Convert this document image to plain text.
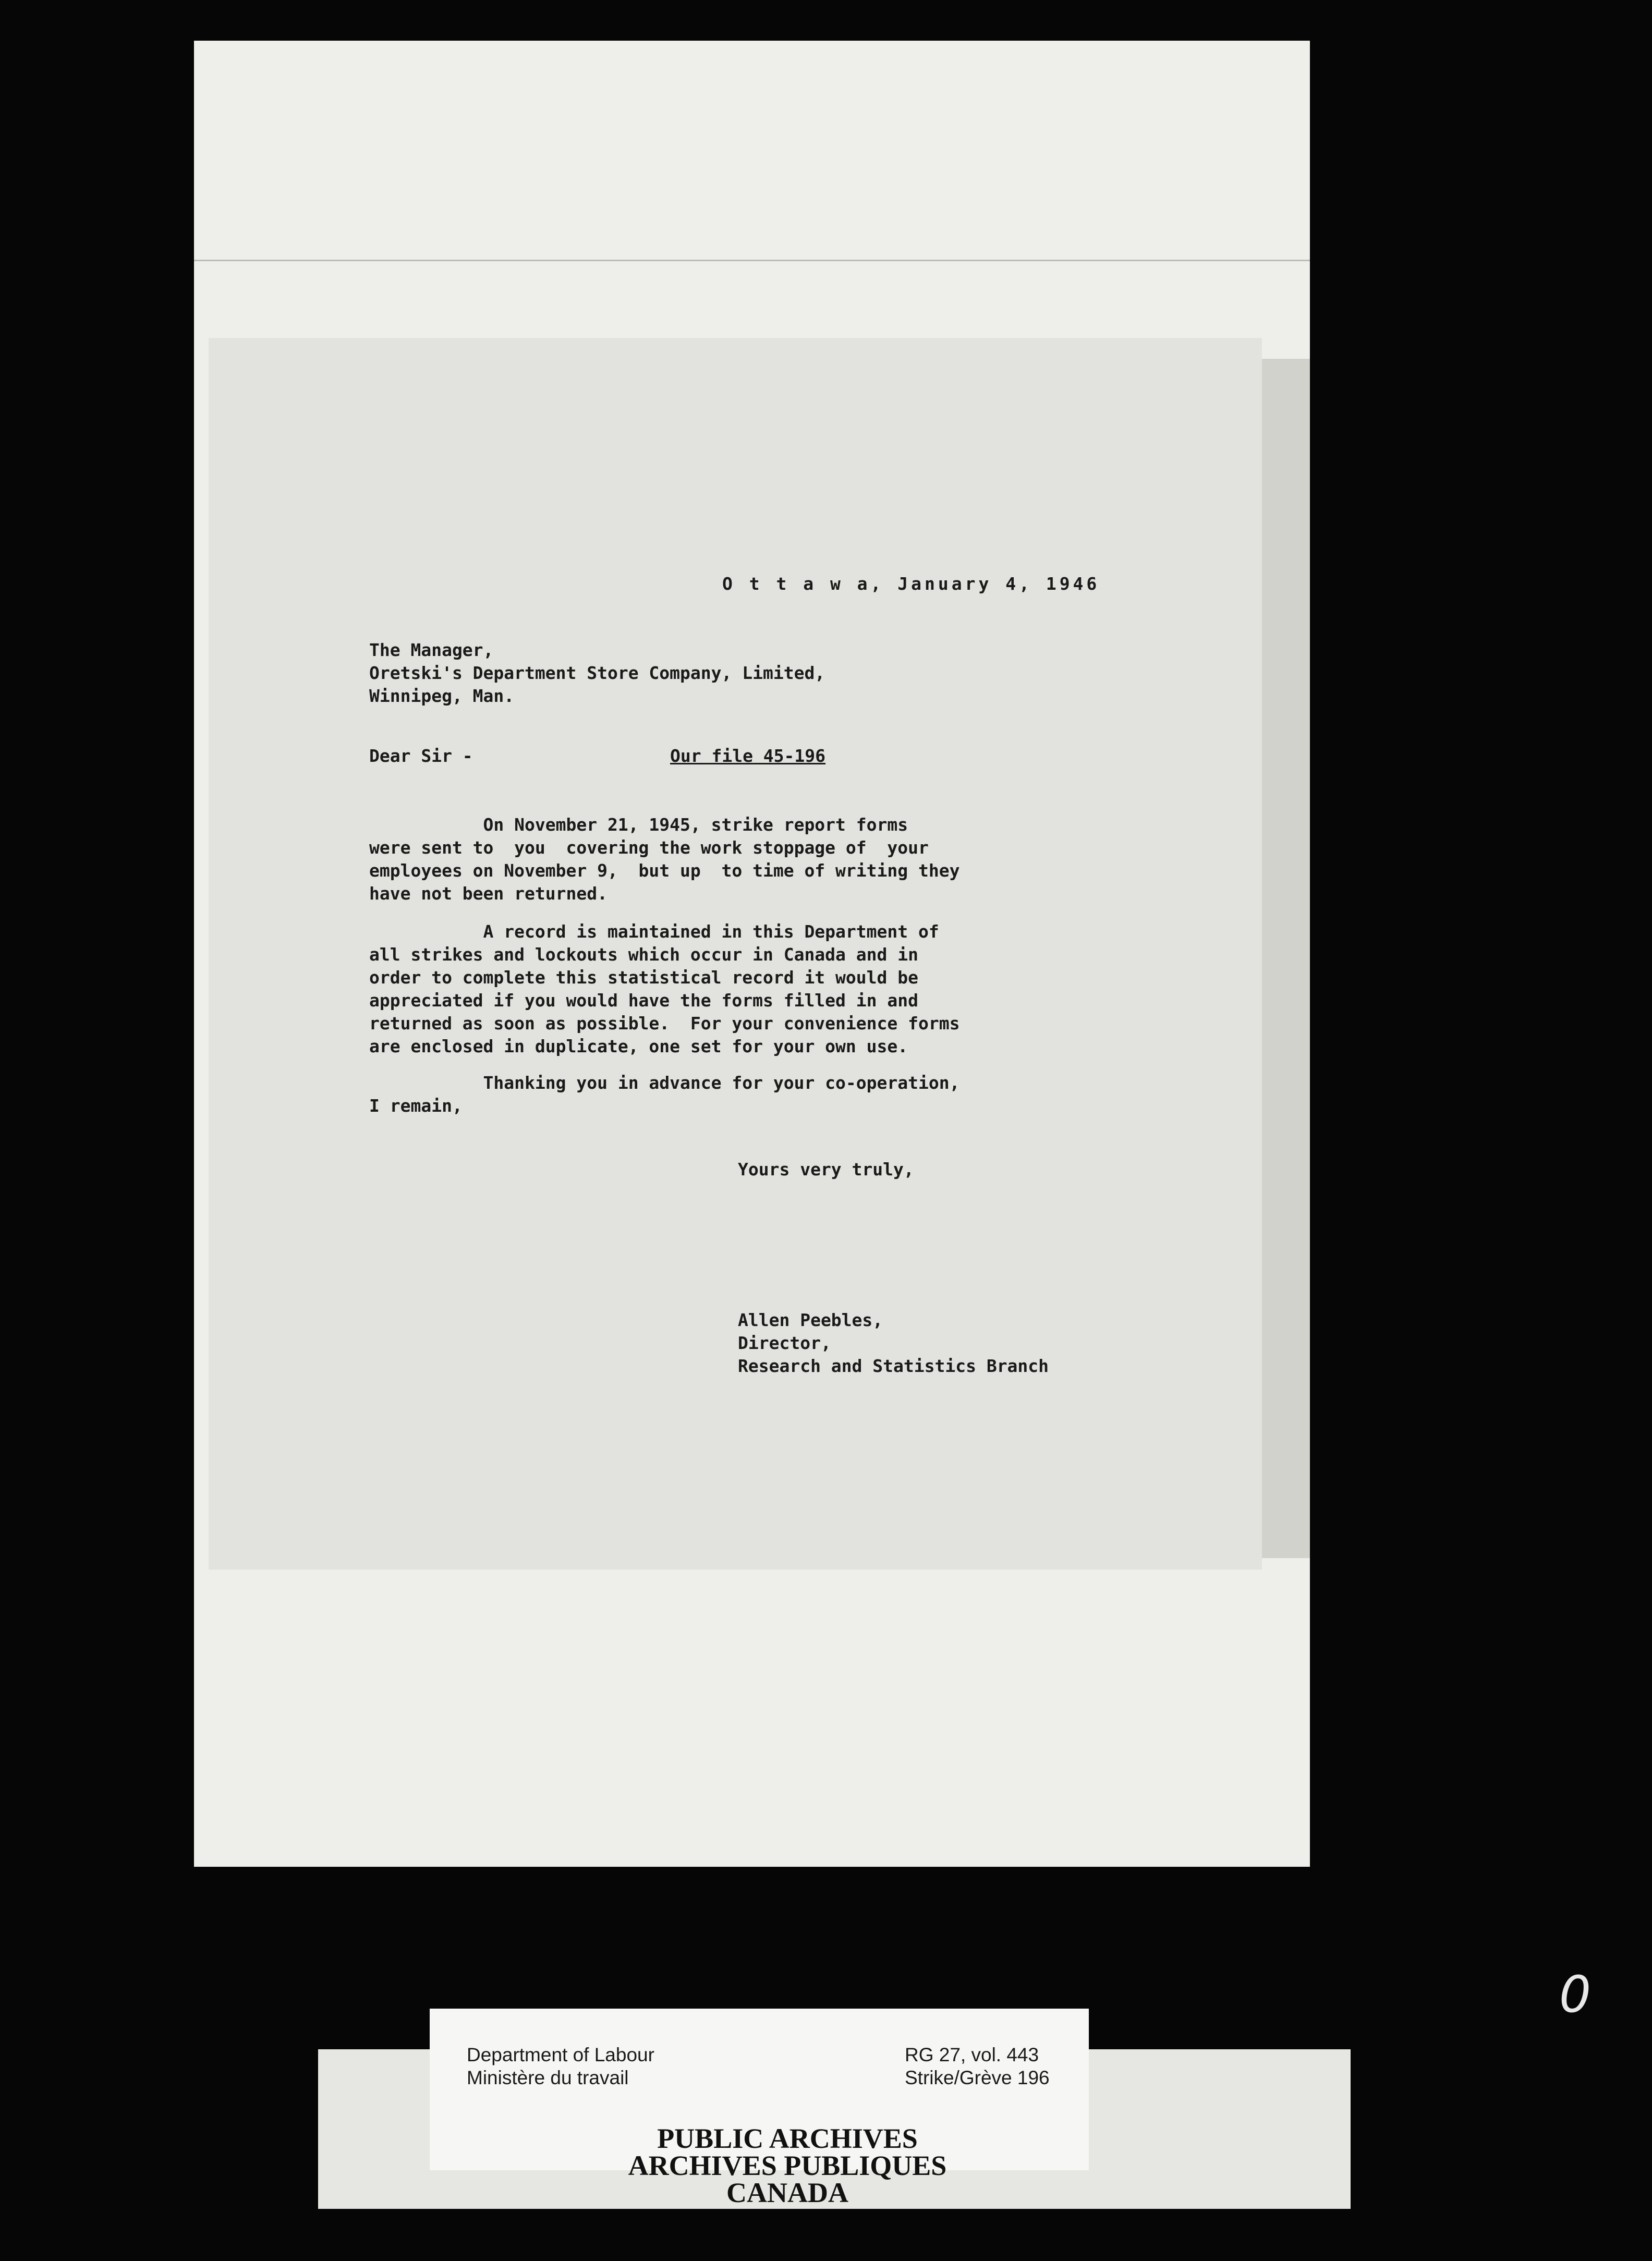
O t t a w a, January 4, 1946
The Manager,
Oretski's Department Store Company, Limited,
Winnipeg, Man.
Dear Sir -	Our file 45-196
On November 21, 1945, strike report forms
were sent to  you  covering the work stoppage of  your
employees on November 9,  but up  to time of writing they
have not been returned.
A record is maintained in this Department of
all strikes and lockouts which occur in Canada and in
order to complete this statistical record it would be
appreciated if you would have the forms filled in and
returned as soon as possible.  For your convenience forms
are enclosed in duplicate, one set for your own use.
Thanking you in advance for your co-operation,
I remain,
Yours very truly,
Allen Peebles,
Director,
Research and Statistics Branch
0
Department of Labour
Ministère du travail
RG 27, vol. 443
Strike/Grève 196
PUBLIC ARCHIVES
ARCHIVES PUBLIQUES
CANADA
